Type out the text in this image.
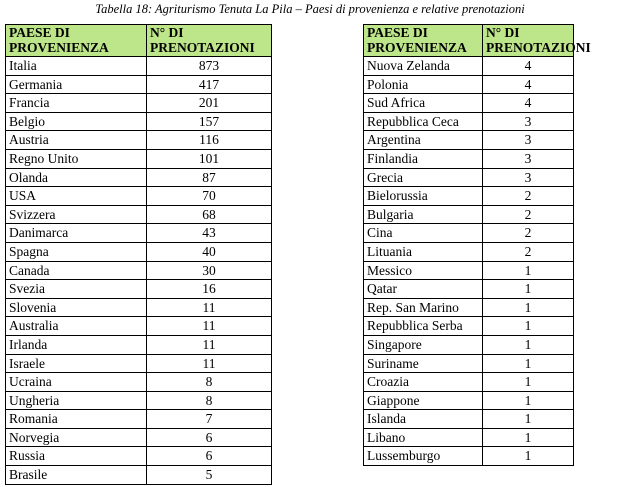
Tabella 18: Agriturismo Tenuta La Pila – Paesi di provenienza e relative prenotazioni
PAESE DI
PROVENIENZA	N° DI
PRENOTAZIONI
Italia	873
Germania	417
Francia	201
Belgio	157
Austria	116
Regno Unito	101
Olanda	87
USA	70
Svizzera	68
Danimarca	43
Spagna	40
Canada	30
Svezia	16
Slovenia	11
Australia	11
Irlanda	11
Israele	11
Ucraina	8
Ungheria	8
Romania	7
Norvegia	6
Russia	6
Brasile	5
PAESE DI
PROVENIENZA	N° DI
PRENOTAZIONI
Nuova Zelanda	4
Polonia	4
Sud Africa	4
Repubblica Ceca	3
Argentina	3
Finlandia	3
Grecia	3
Bielorussia	2
Bulgaria	2
Cina	2
Lituania	2
Messico	1
Qatar	1
Rep. San Marino	1
Repubblica Serba	1
Singapore	1
Suriname	1
Croazia	1
Giappone	1
Islanda	1
Libano	1
Lussemburgo	1
